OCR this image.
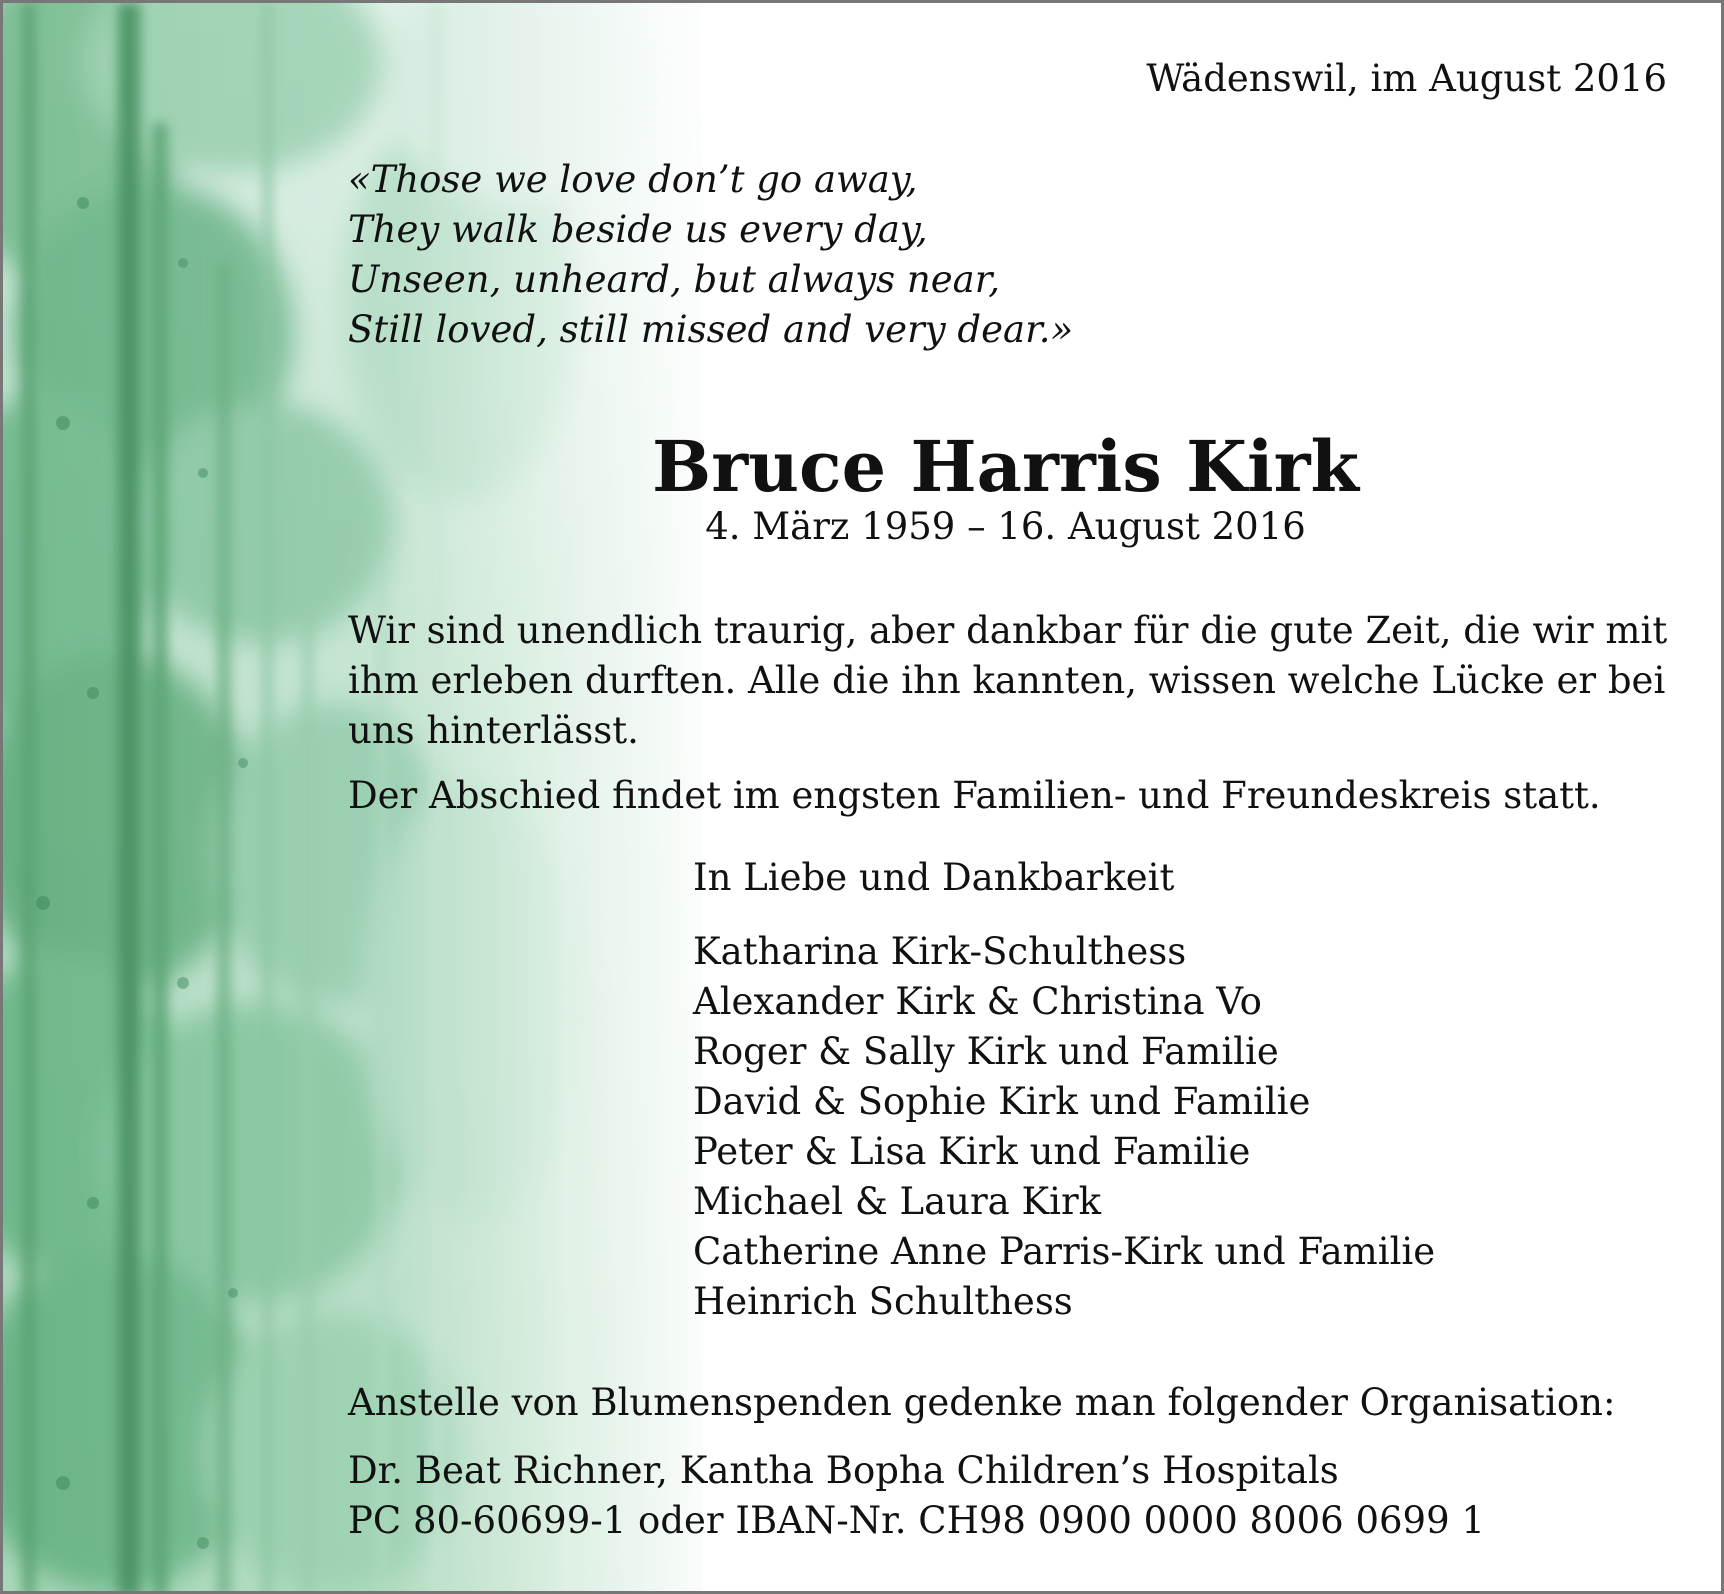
Wädenswil, im August 2016
«Those we love don’t go away,
They walk beside us every day,
Unseen, unheard, but always near,
Still loved, still missed and very dear.»
Bruce Harris Kirk
4. März 1959 – 16. August 2016

Wir sind unendlich traurig, aber dankbar für die gute Zeit, die wir mit

ihm erleben durften. Alle die ihn kannten, wissen welche Lücke er bei

uns hinterlässt.

Der Abschied findet im engsten Familien- und Freundeskreis statt.

In Liebe und Dankbarkeit
Katharina Kirk-Schulthess
Alexander Kirk & Christina Vo
Roger & Sally Kirk und Familie
David & Sophie Kirk und Familie
Peter & Lisa Kirk und Familie
Michael & Laura Kirk
Catherine Anne Parris-Kirk und Familie
Heinrich Schulthess

Anstelle von Blumenspenden gedenke man folgender Organisation:

Dr. Beat Richner, Kantha Bopha Children’s Hospitals

PC 80-60699-1 oder IBAN-Nr. CH98 0900 0000 8006 0699 1
